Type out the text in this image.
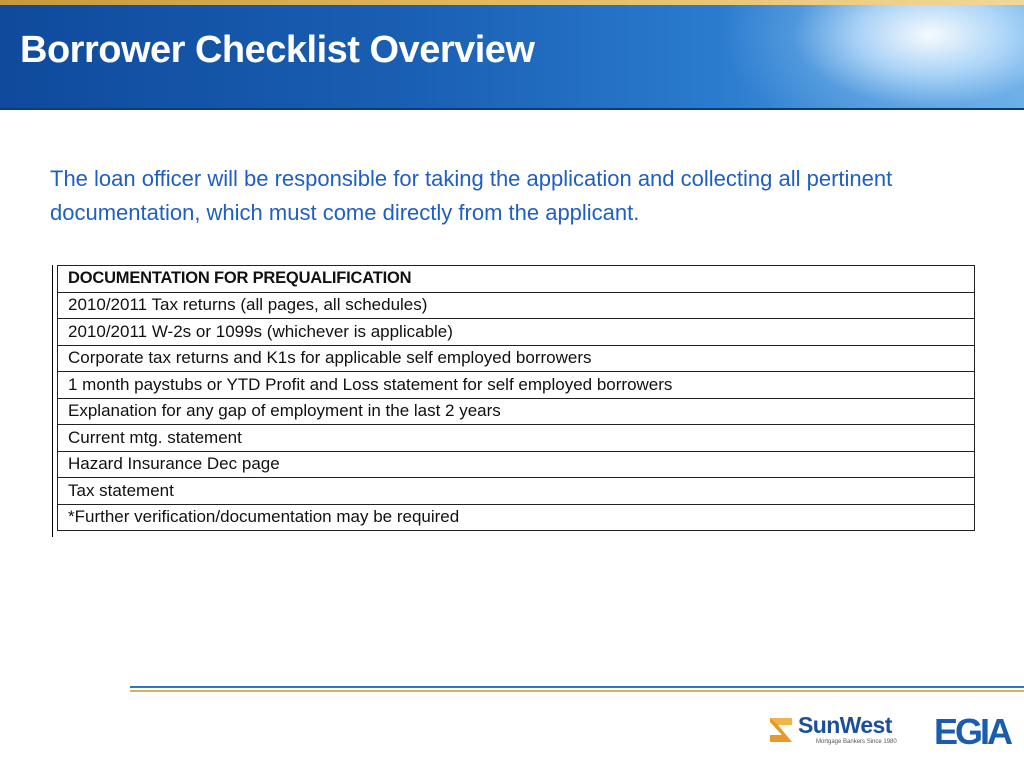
Borrower Checklist Overview

The loan officer will be responsible for taking the application and collecting all pertinent documentation, which must come directly from the applicant.

DOCUMENTATION FOR PREQUALIFICATION
2010/2011 Tax returns (all pages, all schedules)
2010/2011 W-2s or 1099s (whichever is applicable)
Corporate tax returns and K1s for applicable self employed borrowers
1 month paystubs or YTD Profit and Loss statement for self employed borrowers
Explanation for any gap of employment in the last 2 years
Current mtg. statement
Hazard Insurance Dec page
Tax statement
*Further verification/documentation may be required
SunWest
Mortgage Bankers Since 1980 EGIA
